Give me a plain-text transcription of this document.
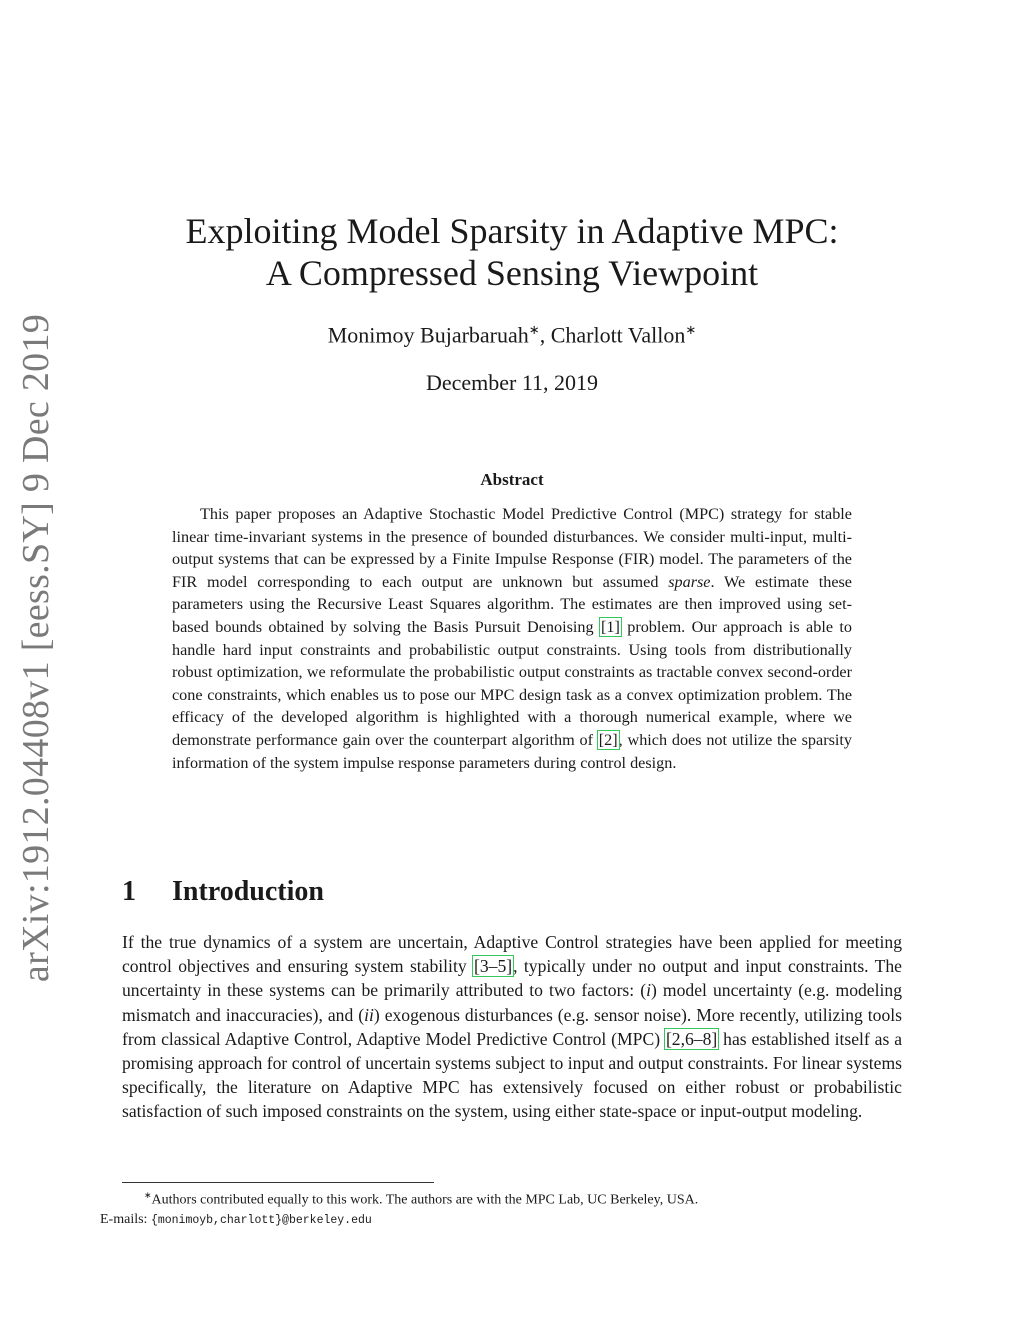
arXiv:1912.04408v1 [eess.SY] 9 Dec 2019
Exploiting Model Sparsity in Adaptive MPC:
A Compressed Sensing Viewpoint
Monimoy Bujarbaruah∗, Charlott Vallon∗
December 11, 2019
Abstract

This paper proposes an Adaptive Stochastic Model Predictive Control (MPC) strategy for stable linear time-invariant systems in the presence of bounded disturbances. We consider multi-input, multi-output systems that can be expressed by a Finite Impulse Response (FIR) model. The parameters of the FIR model corresponding to each output are unknown but assumed sparse. We estimate these parameters using the Recursive Least Squares algorithm. The estimates are then improved using set-based bounds obtained by solving the Basis Pursuit Denoising [1] problem. Our approach is able to handle hard input constraints and probabilistic output constraints. Using tools from distributionally robust optimization, we reformulate the probabilistic output constraints as tractable convex second-order cone constraints, which enables us to pose our MPC design task as a convex optimization problem. The efficacy of the developed algorithm is highlighted with a thorough numerical example, where we demonstrate performance gain over the counterpart algorithm of [2], which does not utilize the sparsity information of the system impulse response parameters during control design.

1 Introduction

If the true dynamics of a system are uncertain, Adaptive Control strategies have been applied for meeting control objectives and ensuring system stability [3–5], typically under no output and input constraints. The uncertainty in these systems can be primarily attributed to two factors: (i) model uncertainty (e.g. modeling mismatch and inaccuracies), and (ii) exogenous disturbances (e.g. sensor noise). More recently, utilizing tools from classical Adaptive Control, Adaptive Model Predictive Control (MPC) [2,6–8] has established itself as a promising approach for control of uncertain systems subject to input and output constraints. For linear systems specifically, the literature on Adaptive MPC has extensively focused on either robust or probabilistic satisfaction of such imposed constraints on the system, using either state-space or input-output modeling.

∗Authors contributed equally to this work. The authors are with the MPC Lab, UC Berkeley, USA.
E-mails: {monimoyb,charlott}@berkeley.edu
